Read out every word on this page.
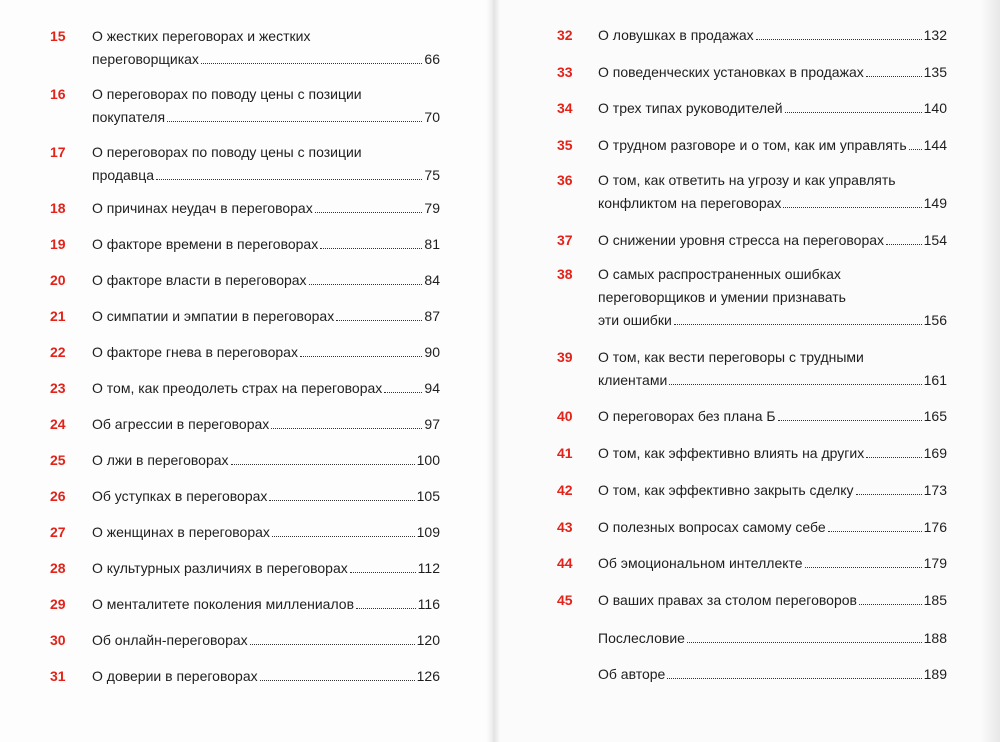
15 О жестких переговорах и жестких
переговорщиках	66
16 О переговорах по поводу цены с позиции
покупателя	70
17 О переговорах по поводу цены с позиции
продавца	75
18 О причинах неудач в переговорах	79
19 О факторе времени в переговорах	81
20 О факторе власти в переговорах	84
21 О симпатии и эмпатии в переговорах	87
22 О факторе гнева в переговорах	90
23 О том, как преодолеть страх на переговорах	94
24 Об агрессии в переговорах	97
25 О лжи в переговорах	100
26 Об уступках в переговорах	105
27 О женщинах в переговорах	109
28 О культурных различиях в переговорах	112
29 О менталитете поколения миллениалов	116
30 Об онлайн-переговорах	120
31 О доверии в переговорах	126
32 О ловушках в продажах	132
33 О поведенческих установках в продажах	135
34 О трех типах руководителей	140
35 О трудном разговоре и о том, как им управлять 144
36 О том, как ответить на угрозу и как управлять
конфликтом на переговорах	149
37 О снижении уровня стресса на переговорах	154
38 О самых распространенных ошибках
переговорщиков и умении признавать
эти ошибки	156
39 О том, как вести переговоры с трудными
клиентами	161
40 О переговорах без плана Б	165
41 О том, как эффективно влиять на других	169
42 О том, как эффективно закрыть сделку	173
43 О полезных вопросах самому себе	176
44 Об эмоциональном интеллекте	179
45 О ваших правах за столом переговоров	185
Послесловие	188
Об авторе	189
